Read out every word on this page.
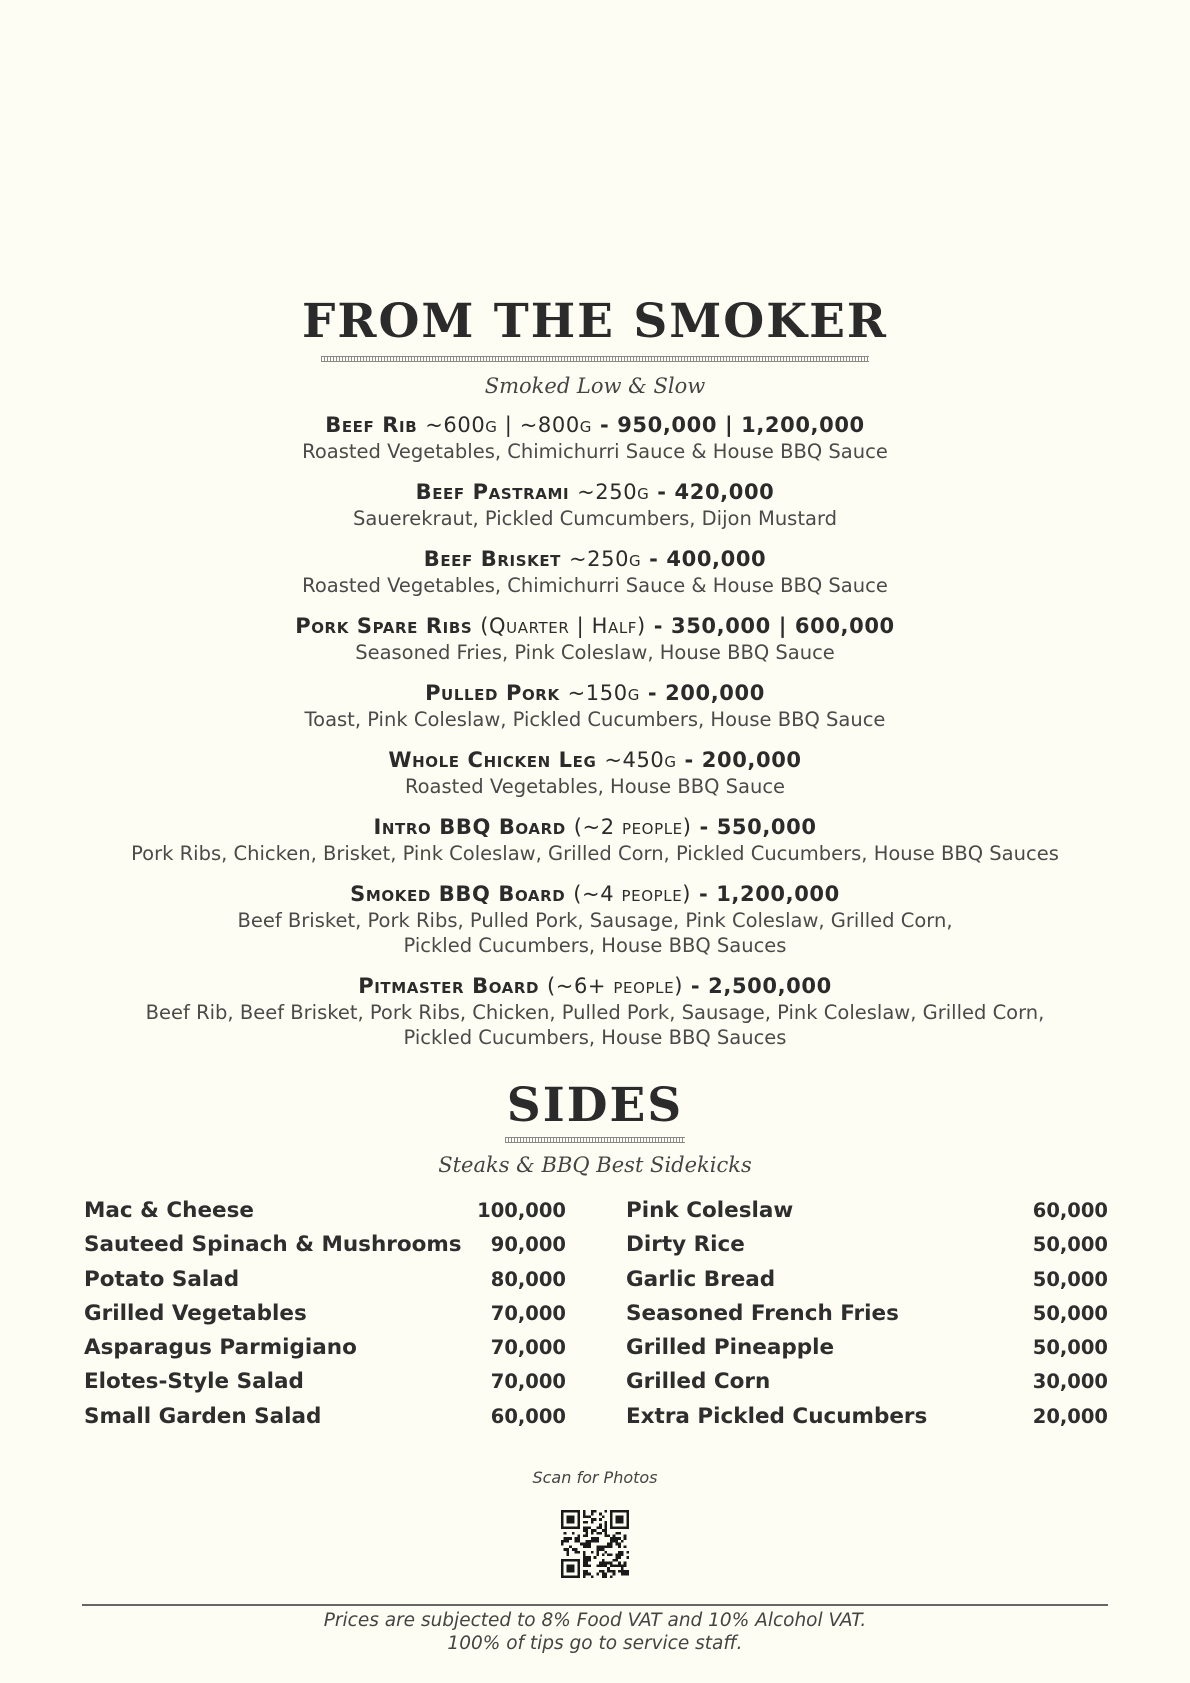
FROM THE SMOKER
Smoked Low & Slow
Beef Rib ~600g | ~800g - 950,000 | 1,200,000
Roasted Vegetables, Chimichurri Sauce & House BBQ Sauce
Beef Pastrami ~250g - 420,000
Sauerekraut, Pickled Cumcumbers, Dijon Mustard
Beef Brisket ~250g - 400,000
Roasted Vegetables, Chimichurri Sauce & House BBQ Sauce
Pork Spare Ribs (Quarter | Half) - 350,000 | 600,000
Seasoned Fries, Pink Coleslaw, House BBQ Sauce
Pulled Pork ~150g - 200,000
Toast, Pink Coleslaw, Pickled Cucumbers, House BBQ Sauce
Whole Chicken Leg ~450g - 200,000
Roasted Vegetables, House BBQ Sauce
Intro BBQ Board (~2 people) - 550,000
Pork Ribs, Chicken, Brisket, Pink Coleslaw, Grilled Corn, Pickled Cucumbers, House BBQ Sauces
Smoked BBQ Board (~4 people) - 1,200,000
Beef Brisket, Pork Ribs, Pulled Pork, Sausage, Pink Coleslaw, Grilled Corn,
Pickled Cucumbers, House BBQ Sauces
Pitmaster Board (~6+ people) - 2,500,000
Beef Rib, Beef Brisket, Pork Ribs, Chicken, Pulled Pork, Sausage, Pink Coleslaw, Grilled Corn,
Pickled Cucumbers, House BBQ Sauces
SIDES
Steaks & BBQ Best Sidekicks
Mac & Cheese	100,000
Sauteed Spinach & Mushrooms 90,000
Potato Salad	80,000
Grilled Vegetables	70,000
Asparagus Parmigiano	70,000
Elotes-Style Salad	70,000
Small Garden Salad	60,000
Pink Coleslaw	60,000
Dirty Rice	50,000
Garlic Bread	50,000
Seasoned French Fries	50,000
Grilled Pineapple	50,000
Grilled Corn	30,000
Extra Pickled Cucumbers	20,000
Scan for Photos
Prices are subjected to 8% Food VAT and 10% Alcohol VAT.
100% of tips go to service staff.
